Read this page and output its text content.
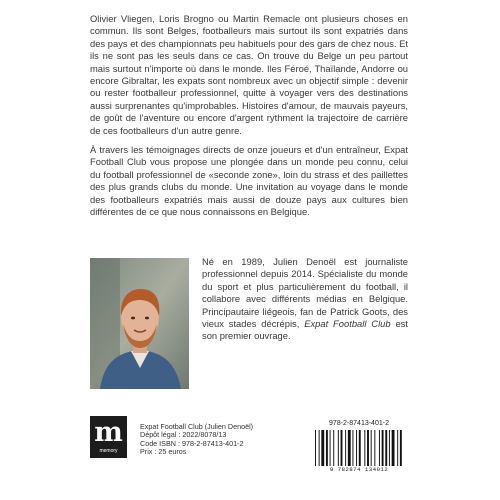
Olivier Vliegen, Loris Brogno ou Martin Remacle ont plusieurs choses en commun. Ils sont Belges, footballeurs mais surtout ils sont expatriés dans des pays et des championnats peu habituels pour des gars de chez nous. Et ils ne sont pas les seuls dans ce cas. On trouve du Belge un peu partout mais surtout n'importe où dans le monde. Iles Féroé, Thaïlande, Andorre ou encore Gibraltar, les expats sont nombreux avec un objectif simple : devenir ou rester footballeur professionnel, quitte à voyager vers des destinations aussi surprenantes qu'improbables. Histoires d'amour, de mauvais payeurs, de goût de l'aventure ou encore d'argent rythment la trajectoire de carrière de ces footballeurs d'un autre genre.

À travers les témoignages directs de onze joueurs et d'un entraîneur, Expat Football Club vous propose une plongée dans un monde peu connu, celui du football professionnel de «seconde zone», loin du strass et des paillettes des plus grands clubs du monde. Une invitation au voyage dans le monde des footballeurs expatriés mais aussi de douze pays aux cultures bien différentes de ce que nous connaissons en Belgique.

Né en 1989, Julien Denoël est journaliste professionnel depuis 2014. Spécialiste du monde du sport et plus particulièrement du football, il collabore avec différents médias en Belgique. Principautaire liégeois, fan de Patrick Goots, des vieux stades décrépis, Expat Football Club est son premier ouvrage.

m
memory
Expat Football Club (Julien Denoël)
Dépôt légal : 2022/8078/13
Code ISBN : 978-2-87413-401-2
Prix : 25 euros
978-2-87413-401-2
9 782874 134012
